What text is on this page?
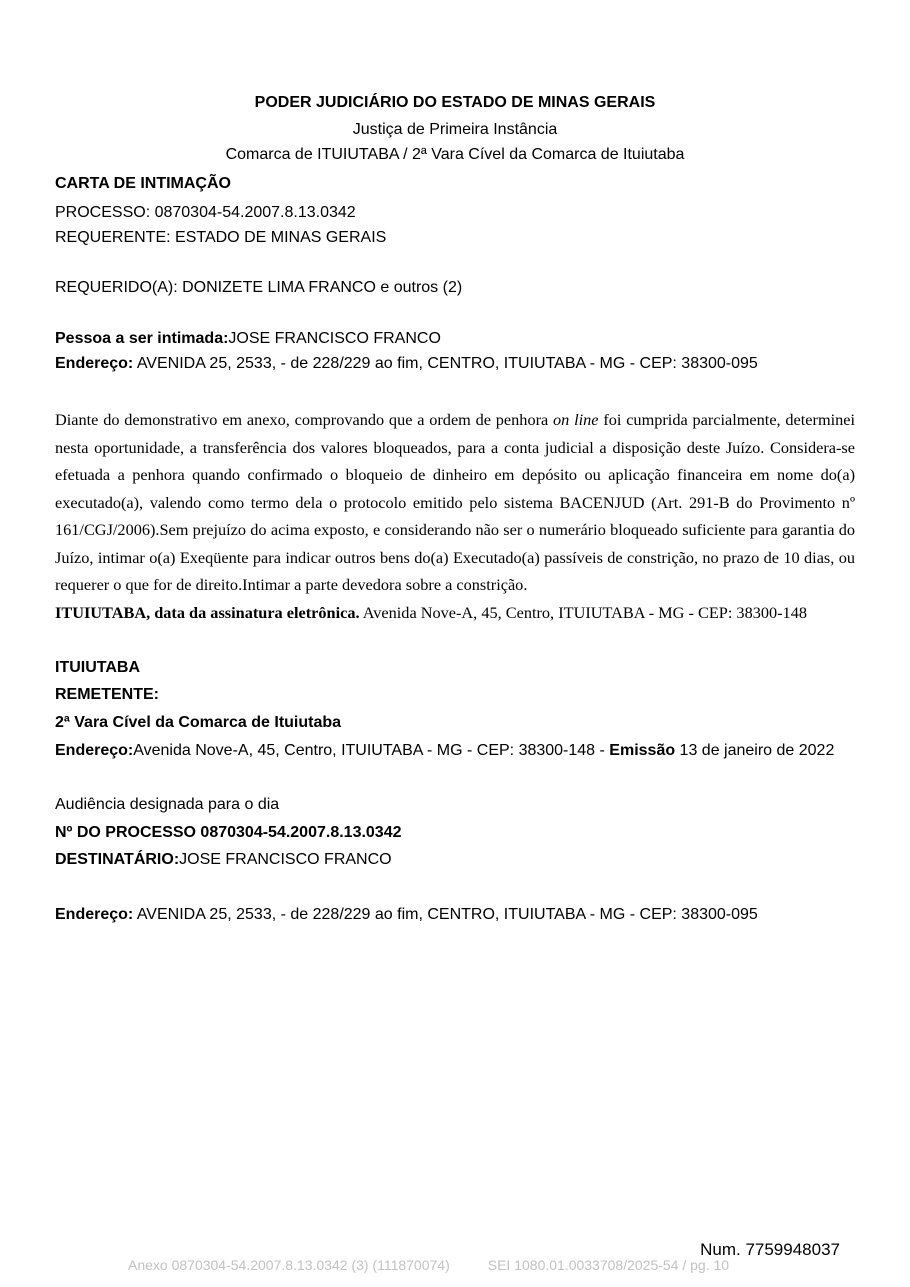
PODER JUDICIÁRIO DO ESTADO DE MINAS GERAIS
Justiça de Primeira Instância
Comarca de ITUIUTABA / 2ª Vara Cível da Comarca de Ituiutaba
CARTA DE INTIMAÇÃO
PROCESSO: 0870304-54.2007.8.13.0342
REQUERENTE: ESTADO DE MINAS GERAIS
REQUERIDO(A): DONIZETE LIMA FRANCO e outros (2)
Pessoa a ser intimada:JOSE FRANCISCO FRANCO
Endereço: AVENIDA 25, 2533, - de 228/229 ao fim, CENTRO, ITUIUTABA - MG - CEP: 38300-095
Diante do demonstrativo em anexo, comprovando que a ordem de penhora on line foi cumprida parcialmente, determinei nesta oportunidade, a transferência dos valores bloqueados, para a conta judicial a disposição deste Juízo. Considera-se efetuada a penhora quando confirmado o bloqueio de dinheiro em depósito ou aplicação financeira em nome do(a) executado(a), valendo como termo dela o protocolo emitido pelo sistema BACENJUD (Art. 291-B do Provimento nº 161/CGJ/2006).Sem prejuízo do acima exposto, e considerando não ser o numerário bloqueado suficiente para garantia do Juízo, intimar o(a) Exeqüente para indicar outros bens do(a) Executado(a) passíveis de constrição, no prazo de 10 dias, ou requerer o que for de direito.Intimar a parte devedora sobre a constrição.
ITUIUTABA, data da assinatura eletrônica. Avenida Nove-A, 45, Centro, ITUIUTABA - MG - CEP: 38300-148
ITUIUTABA
REMETENTE:
2ª Vara Cível da Comarca de Ituiutaba
Endereço:Avenida Nove-A, 45, Centro, ITUIUTABA - MG - CEP: 38300-148 - Emissão 13 de janeiro de 2022
Audiência designada para o dia
Nº DO PROCESSO 0870304-54.2007.8.13.0342
DESTINATÁRIO:JOSE FRANCISCO FRANCO
Endereço: AVENIDA 25, 2533, - de 228/229 ao fim, CENTRO, ITUIUTABA - MG - CEP: 38300-095
Num. 7759948037
Anexo 0870304-54.2007.8.13.0342 (3) (111870074)	SEI 1080.01.0033708/2025-54 / pg. 10
